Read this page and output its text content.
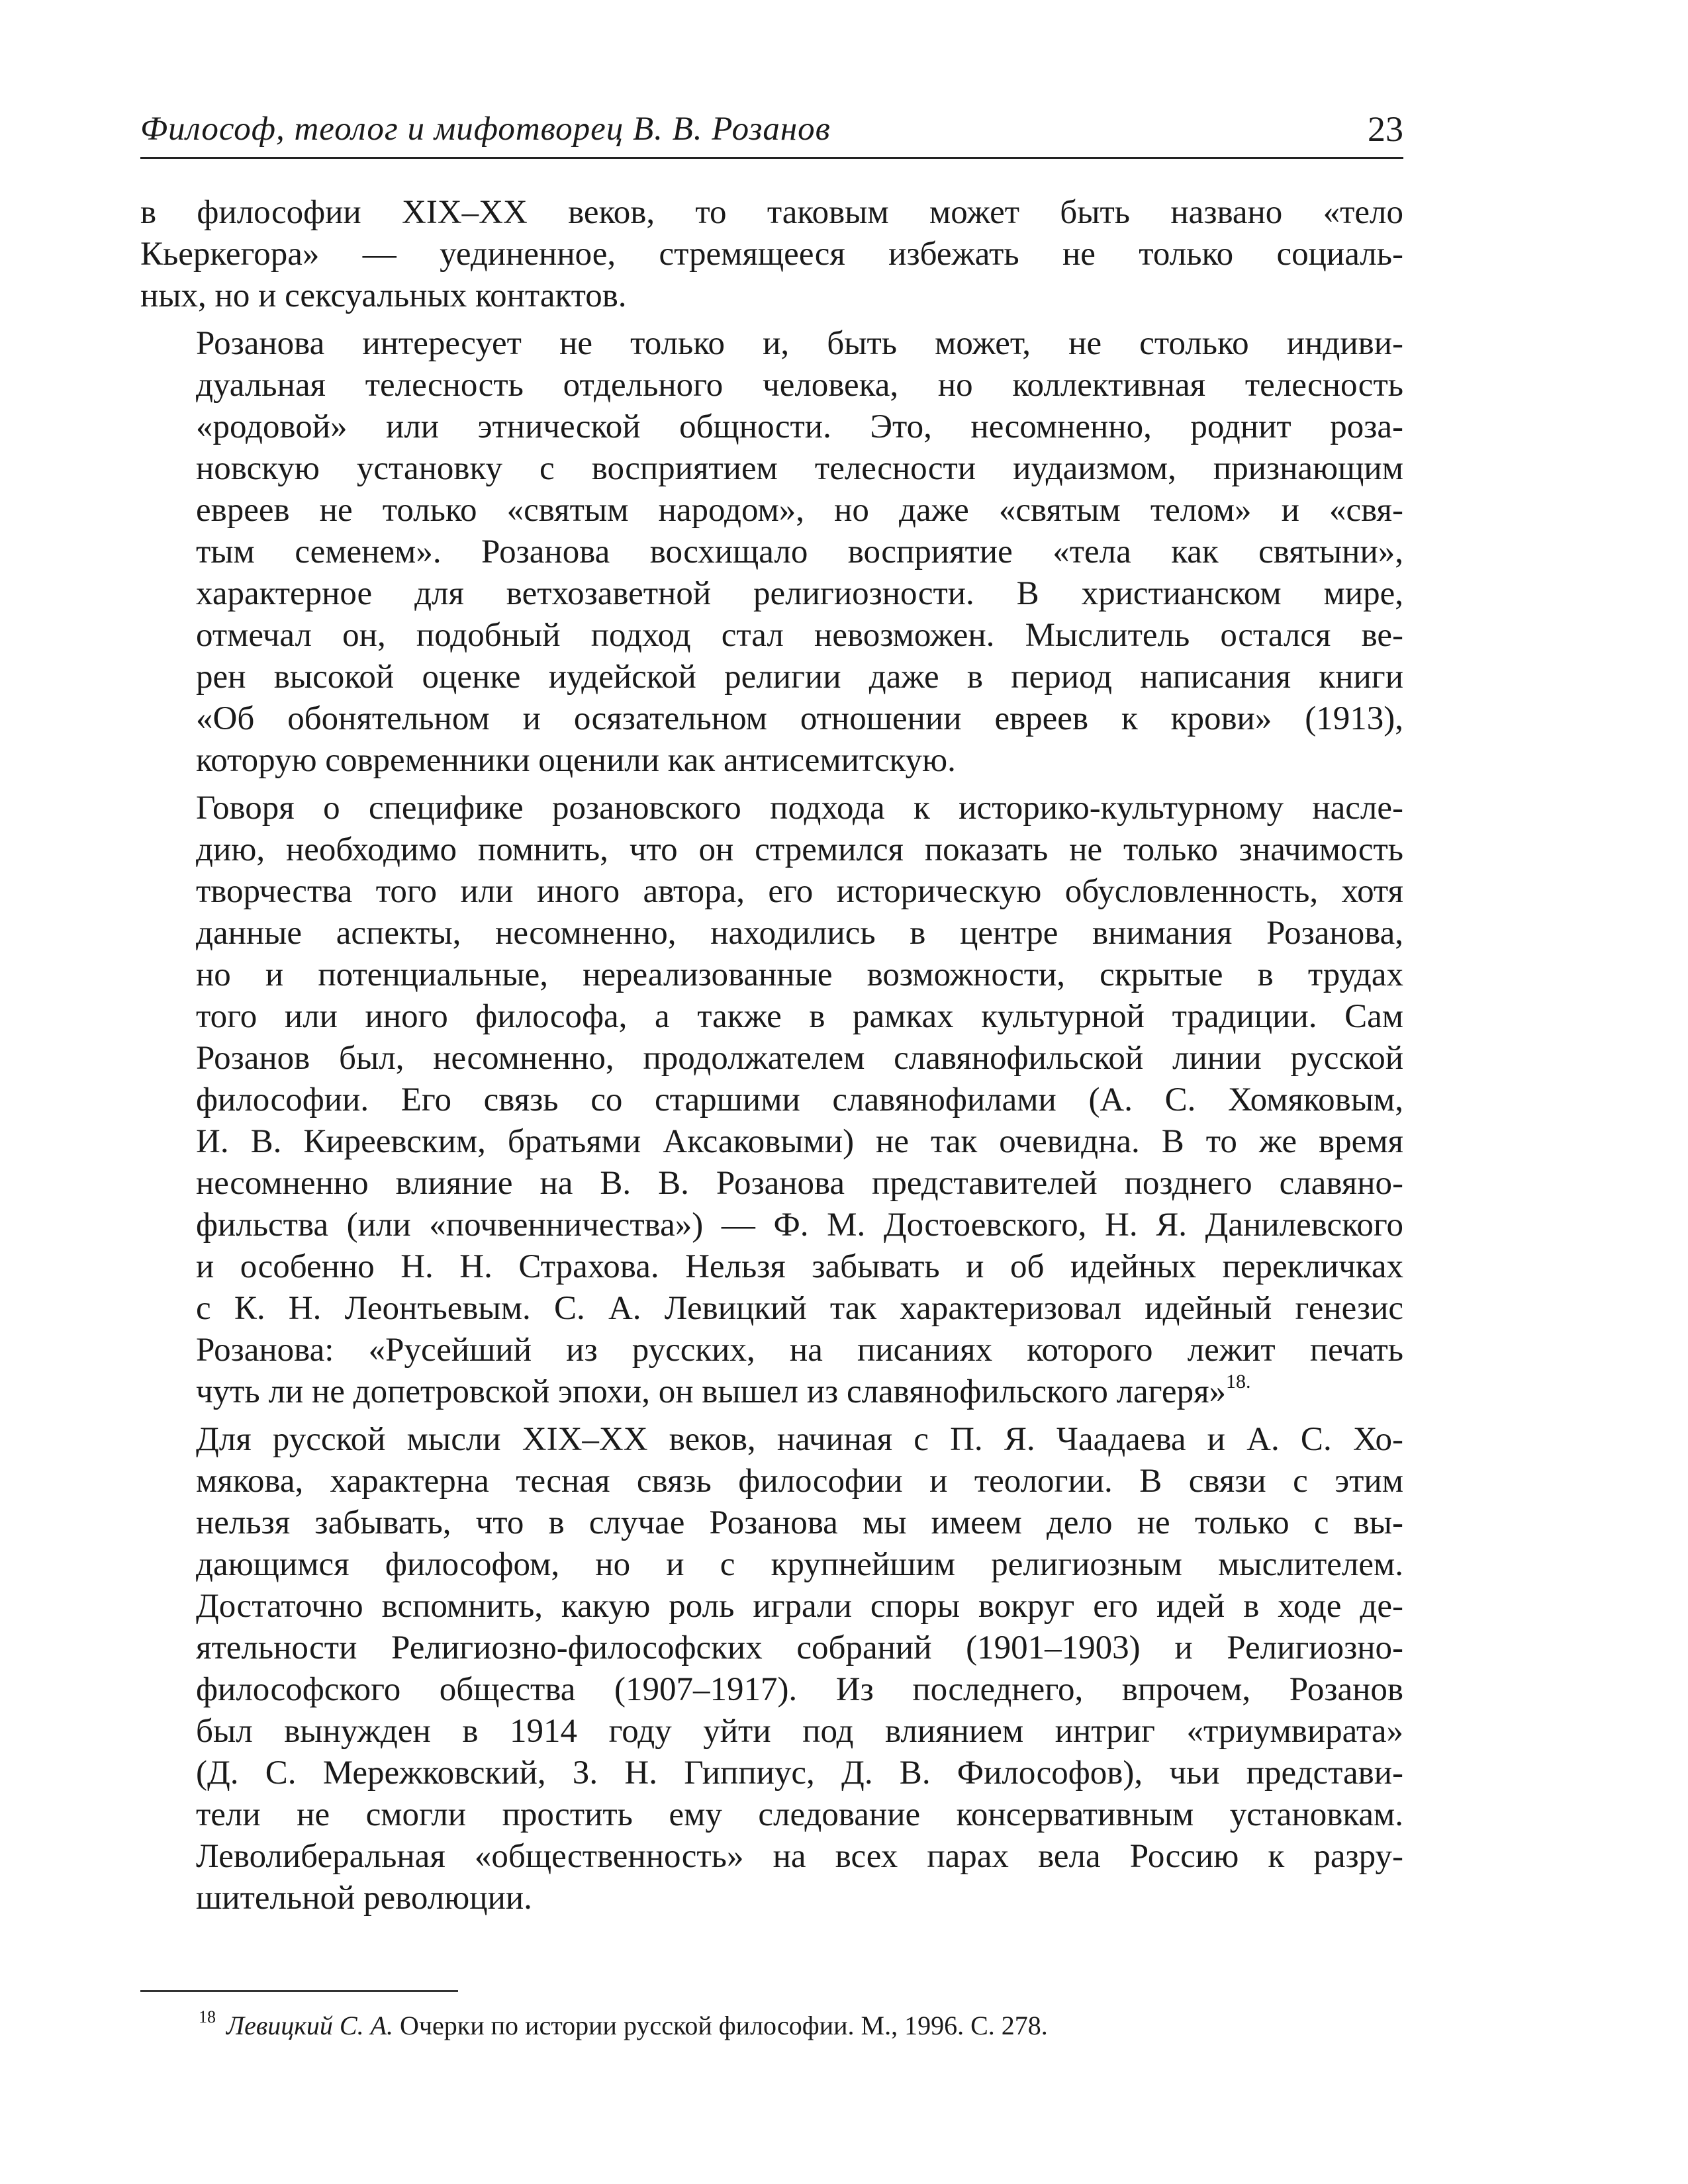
Философ, теолог и мифотворец В. В. Розанов	23

в философии XIX–XX веков, то таковым может быть названо «тело
Кьеркегора» — уединенное, стремящееся избежать не только социаль-
ных, но и сексуальных контактов.

Розанова интересует не только и, быть может, не столько индиви-
дуальная телесность отдельного человека, но коллективная телесность
«родовой» или этнической общности. Это, несомненно, роднит роза-
новскую установку с восприятием телесности иудаизмом, признающим
евреев не только «святым народом», но даже «святым телом» и «свя-
тым семенем». Розанова восхищало восприятие «тела как святыни»,
характерное для ветхозаветной религиозности. В христианском мире,
отмечал он, подобный подход стал невозможен. Мыслитель остался ве-
рен высокой оценке иудейской религии даже в период написания книги
«Об обонятельном и осязательном отношении евреев к крови» (1913),
которую современники оценили как антисемитскую.

Говоря о специфике розановского подхода к историко-культурному насле-
дию, необходимо помнить, что он стремился показать не только значимость
творчества того или иного автора, его историческую обусловленность, хотя
данные аспекты, несомненно, находились в центре внимания Розанова,
но и потенциальные, нереализованные возможности, скрытые в трудах
того или иного философа, а также в рамках культурной традиции. Сам
Розанов был, несомненно, продолжателем славянофильской линии русской
философии. Его связь со старшими славянофилами (А. С. Хомяковым,
И. В. Киреевским, братьями Аксаковыми) не так очевидна. В то же время
несомненно влияние на В. В. Розанова представителей позднего славяно-
фильства (или «почвенничества») — Ф. М. Достоевского, Н. Я. Данилевского
и особенно Н. Н. Страхова. Нельзя забывать и об идейных перекличках
с К. Н. Леонтьевым. С. А. Левицкий так характеризовал идейный генезис
Розанова: «Русейший из русских, на писаниях которого лежит печать
чуть ли не допетровской эпохи, он вышел из славянофильского лагеря»$^{18.}$

Для русской мысли XIX–XX веков, начиная с П. Я. Чаадаева и А. С. Хо-
мякова, характерна тесная связь философии и теологии. В связи с этим
нельзя забывать, что в случае Розанова мы имеем дело не только с вы-
дающимся философом, но и с крупнейшим религиозным мыслителем.
Достаточно вспомнить, какую роль играли споры вокруг его идей в ходе де-
ятельности Религиозно-философских собраний (1901–1903) и Религиозно-
философского общества (1907–1917). Из последнего, впрочем, Розанов
был вынужден в 1914 году уйти под влиянием интриг «триумвирата»
(Д. С. Мережковский, З. Н. Гиппиус, Д. В. Философов), чьи представи-
тели не смогли простить ему следование консервативным установкам.
Леволиберальная «общественность» на всех парах вела Россию к разру-
шительной революции.

$^{18}$ Левицкий С. А. Очерки по истории русской философии. М., 1996. С. 278.
